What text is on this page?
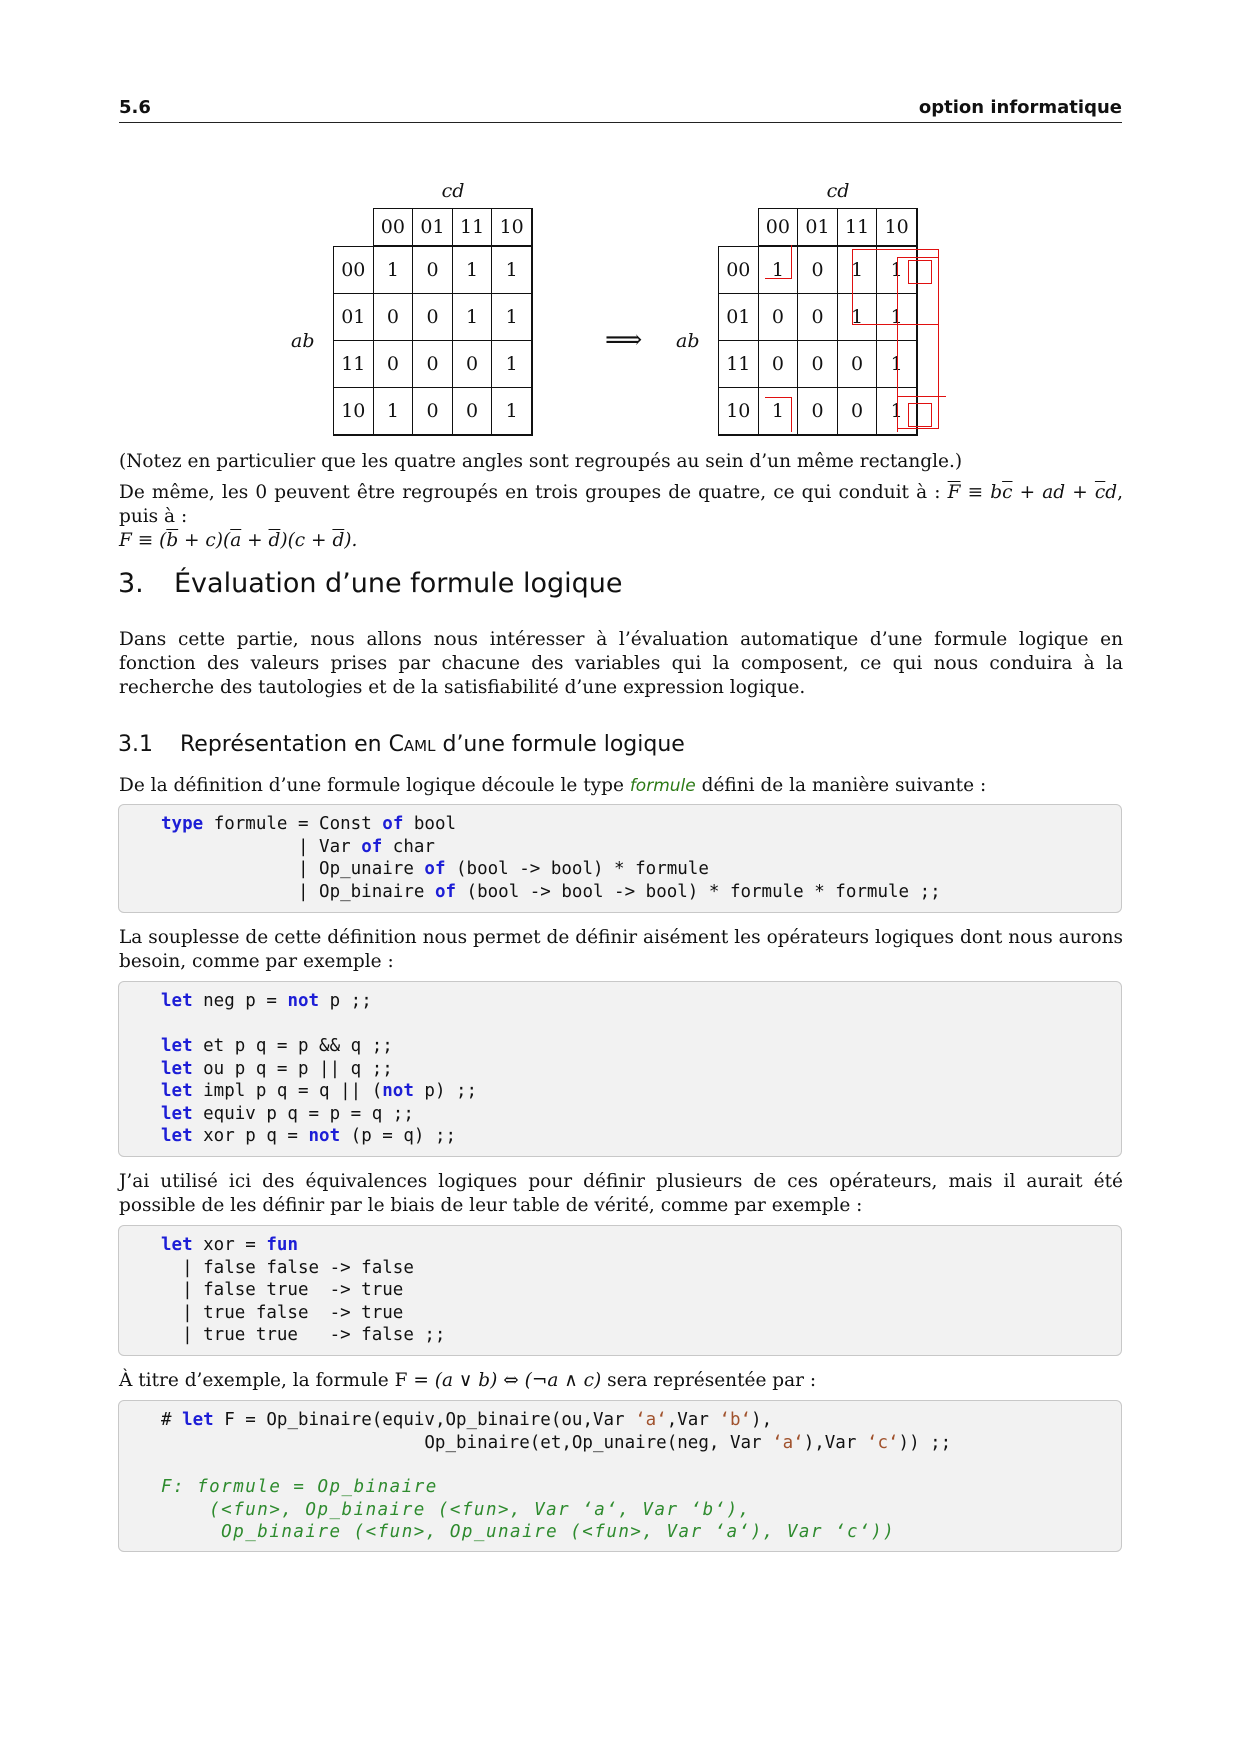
5.6	option informatique
cd
ab
	00	01	11	10
00	1	0	1	1
01	0	0	1	1
11	0	0	0	1
10	1	0	0	1
⟹
cd
ab
	00	01	11	10
00	1	0	1	1
01	0	0	1	1
11	0	0	0	1
10	1	0	0	1
(Notez en particulier que les quatre angles sont regroupés au sein d’un même rectangle.)
De même, les 0 peuvent être regroupés en trois groupes de quatre, ce qui conduit à : $\overline{F} \equiv b\overline{c}$ + ad + $\overline{c}d$, puis à :
$F \equiv (\overline{b} + c)(\overline{a} + \overline{d})(c + \overline{d})$.
3. Évaluation d’une formule logique
Dans cette partie, nous allons nous intéresser à l’évaluation automatique d’une formule logique en fonction des valeurs prises par chacune des variables qui la composent, ce qui nous conduira à la recherche des tautologies et de la satisfiabilité d’une expression logique.
3.1 Représentation en Caml d’une formule logique
De la définition d’une formule logique découle le type formule défini de la manière suivante :
type formule = Const of bool
| Var of char
| Op_unaire of (bool -> bool) * formule
| Op_binaire of (bool -> bool -> bool) * formule * formule ;;
La souplesse de cette définition nous permet de définir aisément les opérateurs logiques dont nous aurons besoin, comme par exemple :
let neg p = not p ;;

let et p q = p && q ;;
let ou p q = p || q ;;
let impl p q = q || (not p) ;;
let equiv p q = p = q ;;
let xor p q = not (p = q) ;;
J’ai utilisé ici des équivalences logiques pour définir plusieurs de ces opérateurs, mais il aurait été possible de les définir par le biais de leur table de vérité, comme par exemple :
let xor = fun
| false false -> false
| false true  -> true
| true false  -> true
| true true   -> false ;;
À titre d’exemple, la formule F = (a ∨ b) ⇔ (¬a ∧ c) sera représentée par :
# let F = Op_binaire(equiv,Op_binaire(ou,Var ‘a‘,Var ‘b‘),
Op_binaire(et,Op_unaire(neg, Var ‘a‘),Var ‘c‘)) ;;
F: formule = Op_binaire
(<fun>, Op_binaire (<fun>, Var ‘a‘, Var ‘b‘),
Op_binaire (<fun>, Op_unaire (<fun>, Var ‘a‘), Var ‘c‘))
